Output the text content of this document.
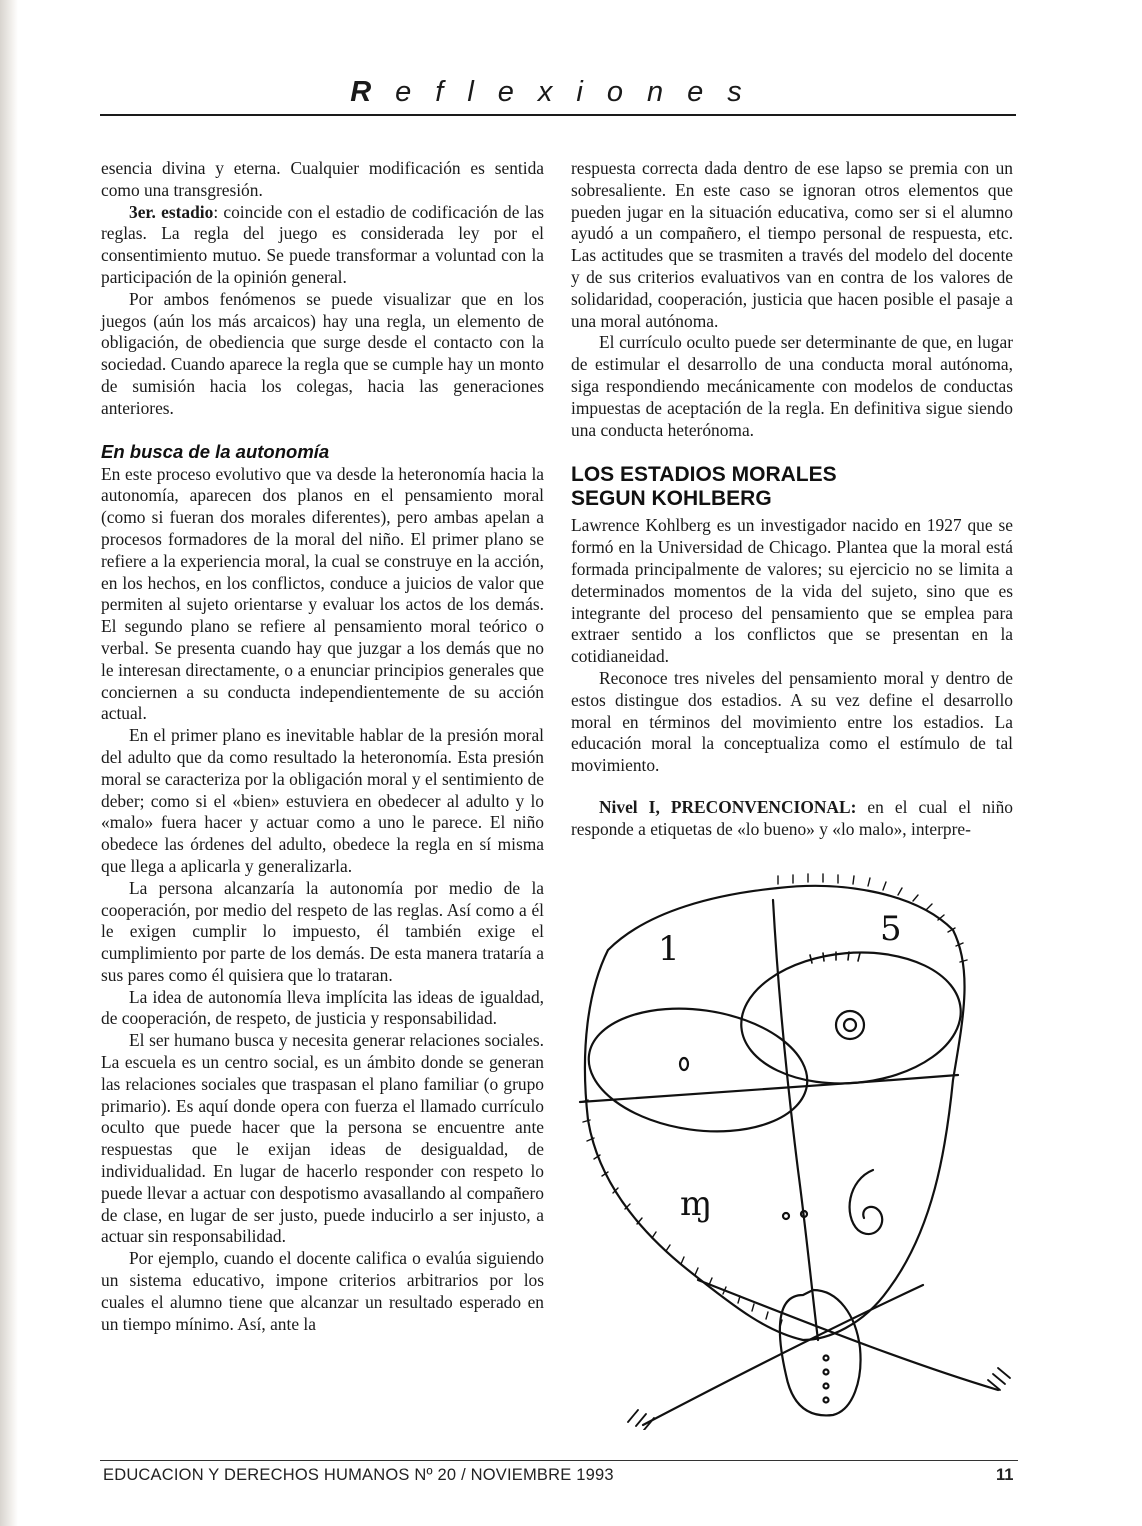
Reflexiones

esencia divina y eterna. Cualquier modificación es sentida como una transgresión.

3er. estadio: coincide con el estadio de codificación de las reglas. La regla del juego es considerada ley por el consentimiento mutuo. Se puede transformar a voluntad con la participación de la opinión general.

Por ambos fenómenos se puede visualizar que en los juegos (aún los más arcaicos) hay una regla, un elemento de obligación, de obediencia que surge desde el contacto con la sociedad. Cuando aparece la regla que se cumple hay un monto de sumisión hacia los colegas, hacia las generaciones anteriores.

En busca de la autonomía

En este proceso evolutivo que va desde la heteronomía hacia la autonomía, aparecen dos planos en el pensamiento moral (como si fueran dos morales diferentes), pero ambas apelan a procesos formadores de la moral del niño. El primer plano se refiere a la experiencia moral, la cual se construye en la acción, en los hechos, en los conflictos, conduce a juicios de valor que permiten al sujeto orientarse y evaluar los actos de los demás. El segundo plano se refiere al pensamiento moral teórico o verbal. Se presenta cuando hay que juzgar a los demás que no le interesan directamente, o a enunciar principios generales que conciernen a su conducta independientemente de su acción actual.

En el primer plano es inevitable hablar de la presión moral del adulto que da como resultado la heteronomía. Esta presión moral se caracteriza por la obligación moral y el sentimiento de deber; como si el «bien» estuviera en obedecer al adulto y lo «malo» fuera hacer y actuar como a uno le parece. El niño obedece las órdenes del adulto, obedece la regla en sí misma que llega a aplicarla y generalizarla.

La persona alcanzaría la autonomía por medio de la cooperación, por medio del respeto de las reglas. Así como a él le exigen cumplir lo impuesto, él también exige el cumplimiento por parte de los demás. De esta manera trataría a sus pares como él quisiera que lo trataran.

La idea de autonomía lleva implícita las ideas de igualdad, de cooperación, de respeto, de justicia y responsabilidad.

El ser humano busca y necesita generar relaciones sociales. La escuela es un centro social, es un ámbito donde se generan las relaciones sociales que traspasan el plano familiar (o grupo primario). Es aquí donde opera con fuerza el llamado currículo oculto que puede hacer que la persona se encuentre ante respuestas que le exijan ideas de desigualdad, de individualidad. En lugar de hacerlo responder con respeto lo puede llevar a actuar con despotismo avasallando al compañero de clase, en lugar de ser justo, puede inducirlo a ser injusto, a actuar sin responsabilidad.

Por ejemplo, cuando el docente califica o evalúa siguiendo un sistema educativo, impone criterios arbitrarios por los cuales el alumno tiene que alcanzar un resultado esperado en un tiempo mínimo. Así, ante la

respuesta correcta dada dentro de ese lapso se premia con un sobresaliente. En este caso se ignoran otros elementos que pueden jugar en la situación educativa, como ser si el alumno ayudó a un compañero, el tiempo personal de respuesta, etc. Las actitudes que se trasmiten a través del modelo del docente y de sus criterios evaluativos van en contra de los valores de solidaridad, cooperación, justicia que hacen posible el pasaje a una moral autónoma.

El currículo oculto puede ser determinante de que, en lugar de estimular el desarrollo de una conducta moral autónoma, siga respondiendo mecánicamente con modelos de conductas impuestas de aceptación de la regla. En definitiva sigue siendo una conducta heterónoma.

LOS ESTADIOS MORALES
SEGUN KOHLBERG

Lawrence Kohlberg es un investigador nacido en 1927 que se formó en la Universidad de Chicago. Plantea que la moral está formada principalmente de valores; su ejercicio no se limita a determinados momentos de la vida del sujeto, sino que es integrante del proceso del pensamiento que se emplea para extraer sentido a los conflictos que se presentan en la cotidianeidad.

Reconoce tres niveles del pensamiento moral y dentro de estos distingue dos estadios. A su vez define el desarrollo moral en términos del movimiento entre los estadios. La educación moral la conceptualiza como el estímulo de tal movimiento.

Nivel I, PRECONVENCIONAL: en el cual el niño responde a etiquetas de «lo bueno» y «lo malo», interpre-

1	5
ɱ
EDUCACION Y DERECHOS HUMANOS Nº 20 / NOVIEMBRE 1993	11
